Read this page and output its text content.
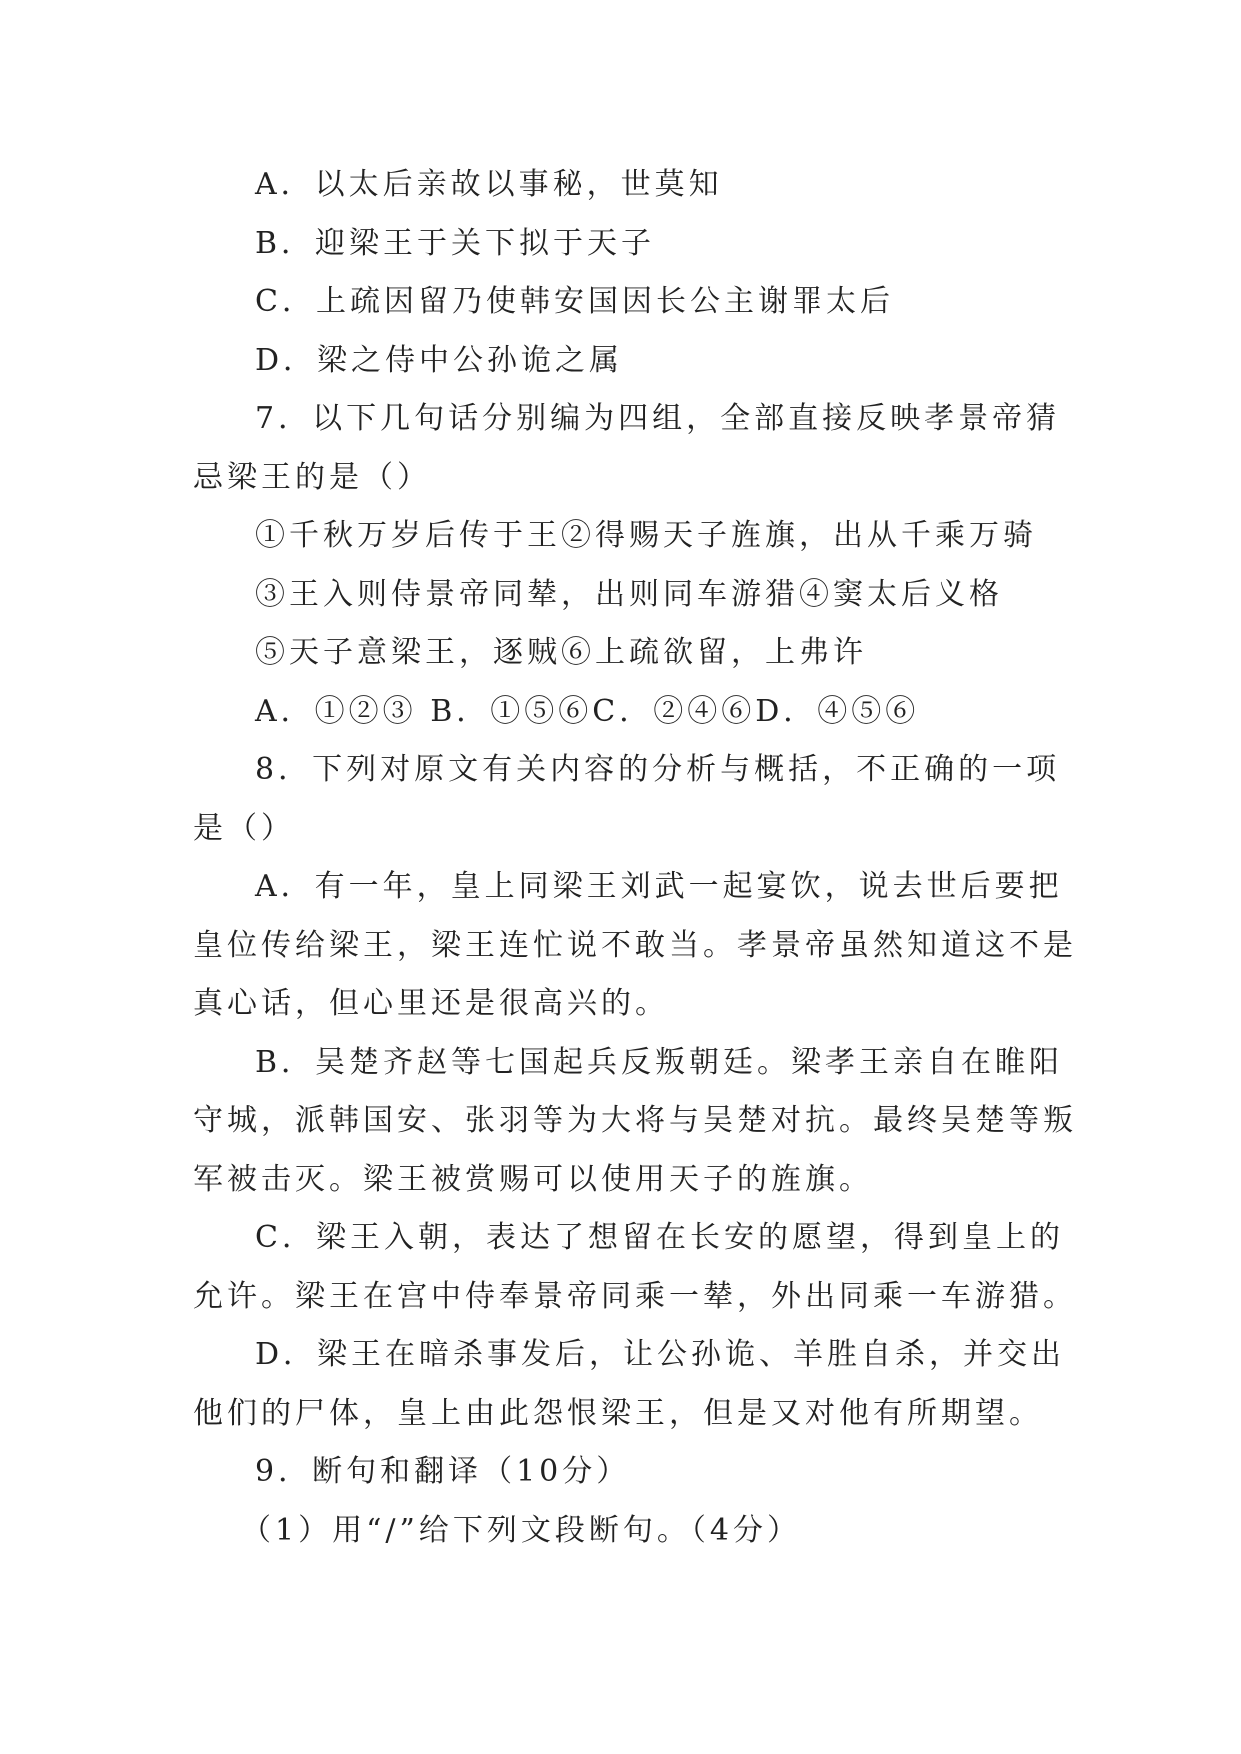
A．以太后亲故以事秘，世莫知
B．迎梁王于关下拟于天子
C．上疏因留乃使韩安国因长公主谢罪太后
D．梁之侍中公孙诡之属
7．以下几句话分别编为四组，全部直接反映孝景帝猜
忌梁王的是（）
①千秋万岁后传于王②得赐天子旌旗，出从千乘万骑
③王入则侍景帝同辇，出则同车游猎④窦太后义格
⑤天子意梁王，逐贼⑥上疏欲留，上弗许
A．①②③ B．①⑤⑥C．②④⑥D．④⑤⑥
8．下列对原文有关内容的分析与概括，不正确的一项
是（）
A．有一年，皇上同梁王刘武一起宴饮，说去世后要把
皇位传给梁王，梁王连忙说不敢当。孝景帝虽然知道这不是
真心话，但心里还是很高兴的。
B．吴楚齐赵等七国起兵反叛朝廷。梁孝王亲自在睢阳
守城，派韩国安、张羽等为大将与吴楚对抗。最终吴楚等叛
军被击灭。梁王被赏赐可以使用天子的旌旗。
C．梁王入朝，表达了想留在长安的愿望，得到皇上的
允许。梁王在宫中侍奉景帝同乘一辇，外出同乘一车游猎。
D．梁王在暗杀事发后，让公孙诡、羊胜自杀，并交出
他们的尸体，皇上由此怨恨梁王，但是又对他有所期望。
9．断句和翻译（10分）
（1）用“/”给下列文段断句。（4分）
